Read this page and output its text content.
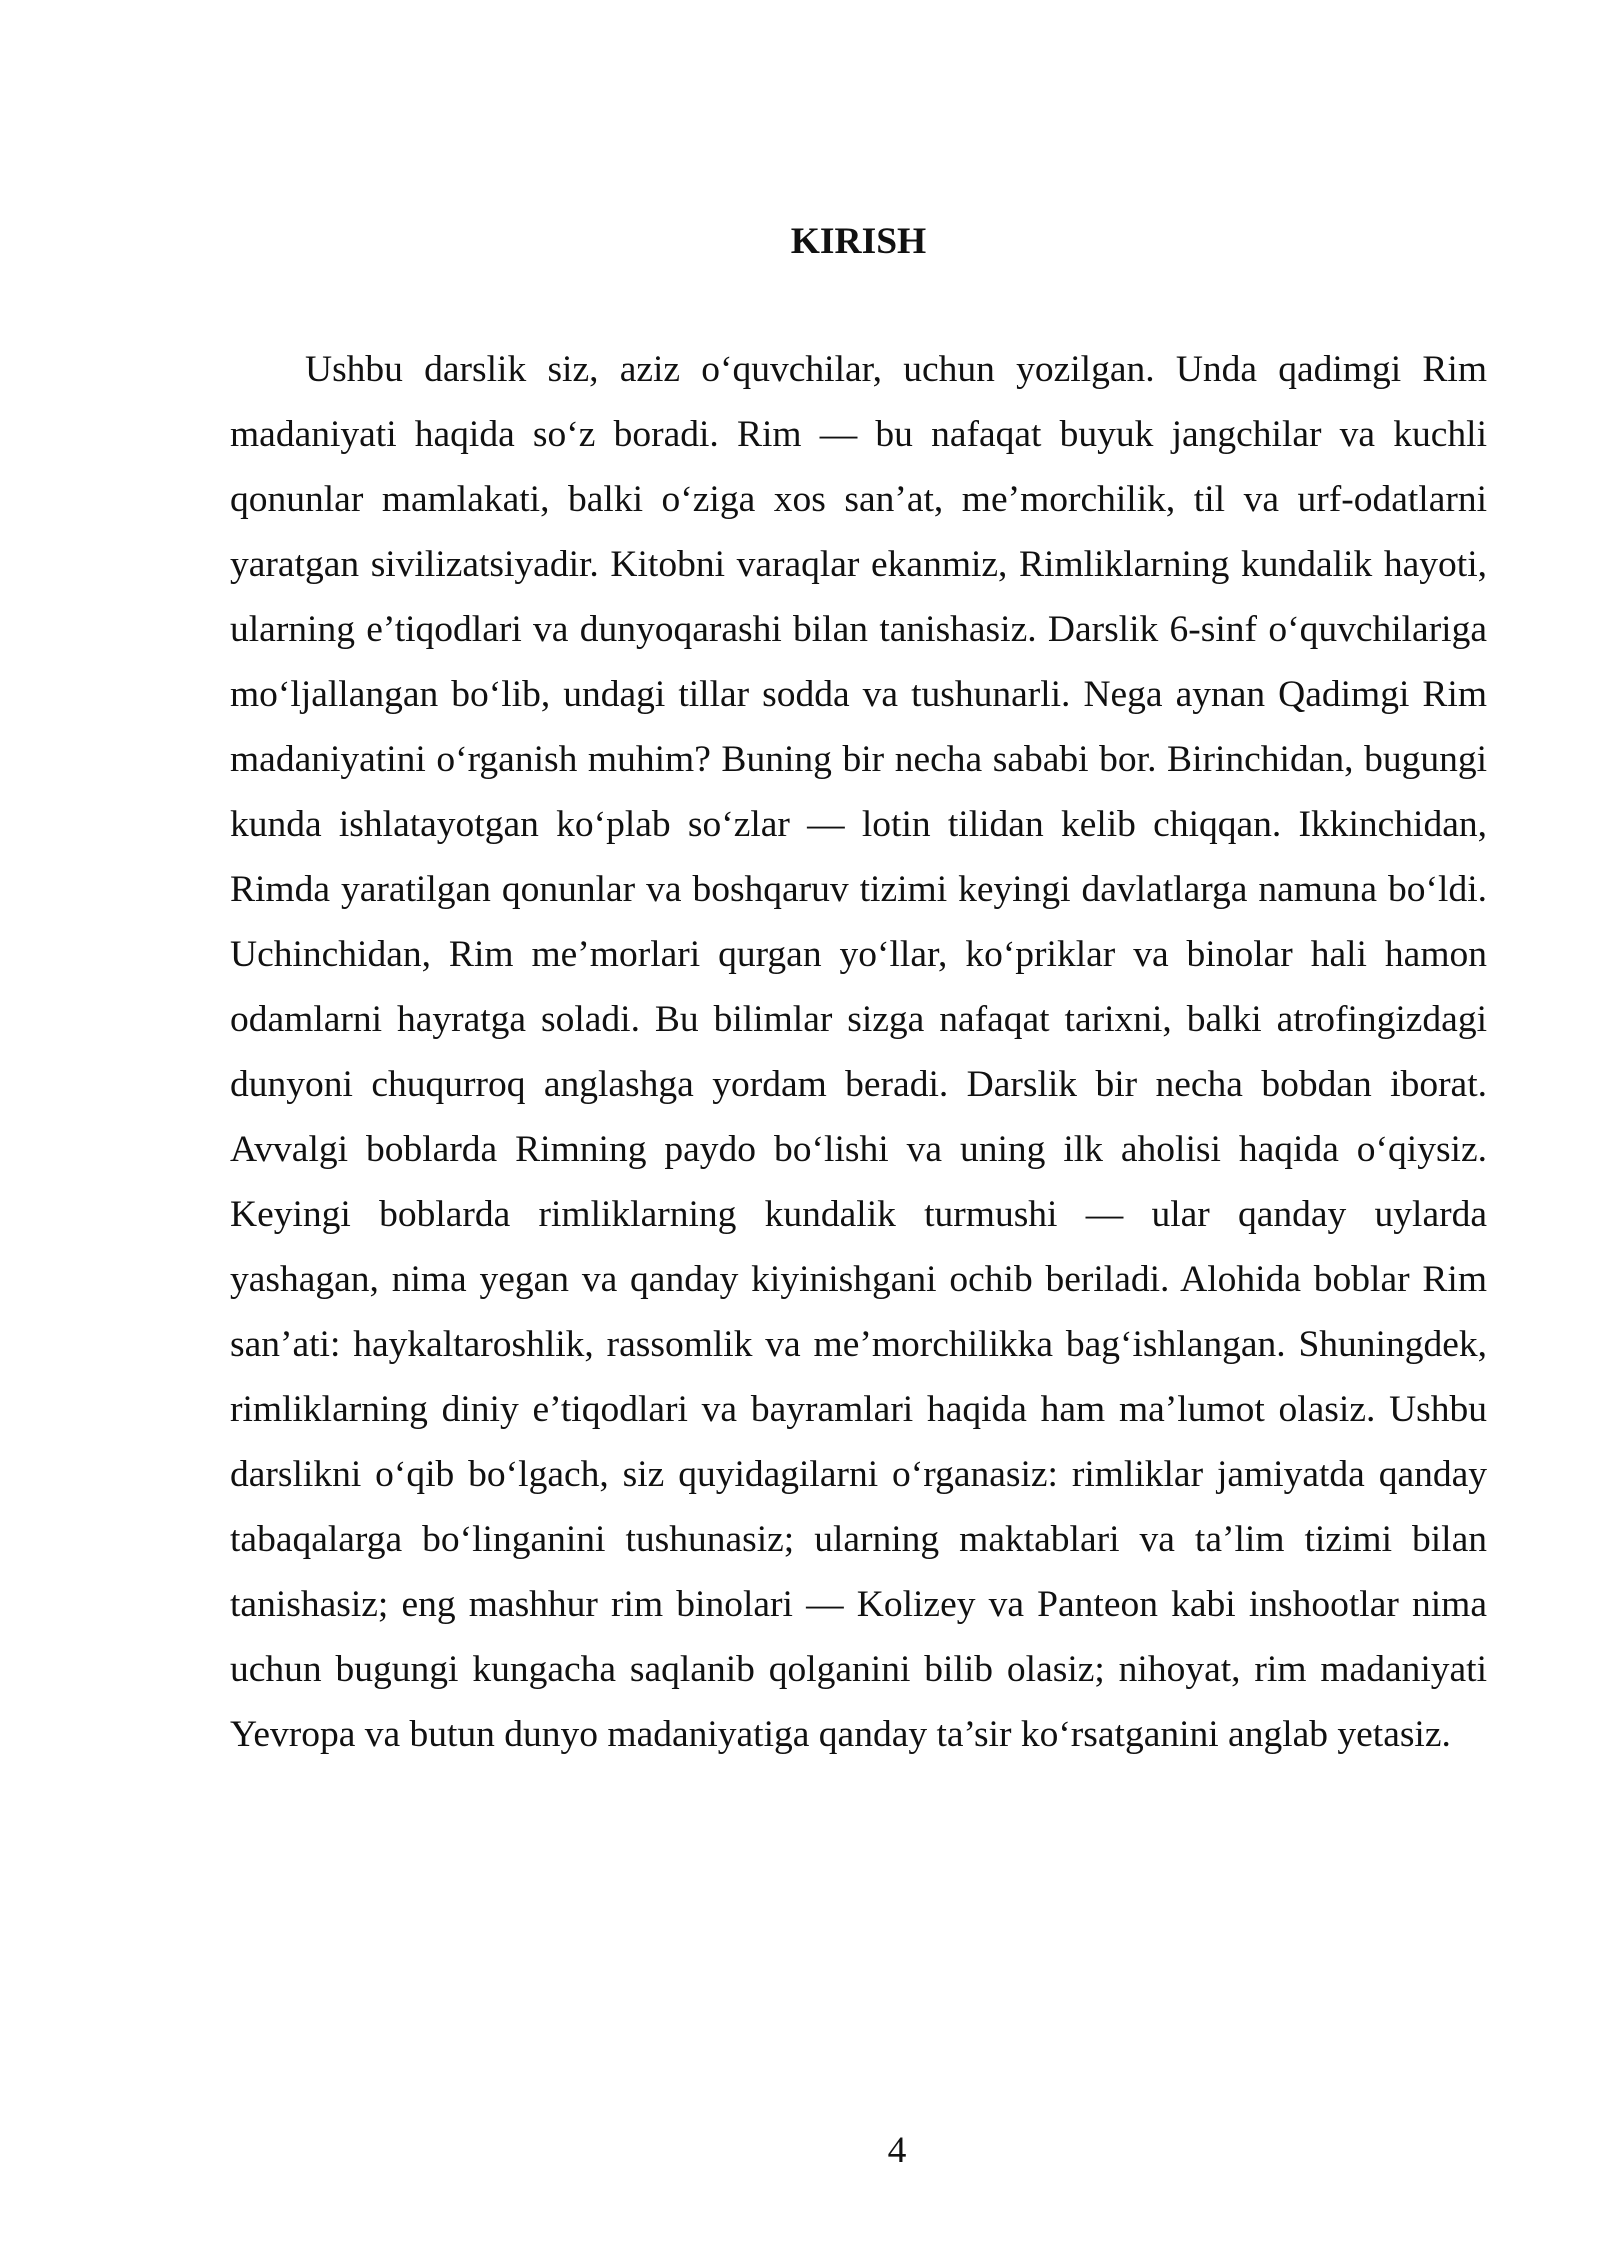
KIRISH
Ushbu darslik siz, aziz o‘quvchilar, uchun yozilgan. Unda qadimgi Rim
madaniyati haqida so‘z boradi. Rim — bu nafaqat buyuk jangchilar va kuchli
qonunlar mamlakati, balki o‘ziga xos san’at, me’morchilik, til va urf-odatlarni
yaratgan sivilizatsiyadir. Kitobni varaqlar ekanmiz, Rimliklarning kundalik hayoti,
ularning e’tiqodlari va dunyoqarashi bilan tanishasiz. Darslik 6-sinf o‘quvchilariga
mo‘ljallangan bo‘lib, undagi tillar sodda va tushunarli. Nega aynan Qadimgi Rim
madaniyatini o‘rganish muhim? Buning bir necha sababi bor. Birinchidan, bugungi
kunda ishlatayotgan ko‘plab so‘zlar — lotin tilidan kelib chiqqan. Ikkinchidan,
Rimda yaratilgan qonunlar va boshqaruv tizimi keyingi davlatlarga namuna bo‘ldi.
Uchinchidan, Rim me’morlari qurgan yo‘llar, ko‘priklar va binolar hali hamon
odamlarni hayratga soladi. Bu bilimlar sizga nafaqat tarixni, balki atrofingizdagi
dunyoni chuqurroq anglashga yordam beradi. Darslik bir necha bobdan iborat.
Avvalgi boblarda Rimning paydo bo‘lishi va uning ilk aholisi haqida o‘qiysiz.
Keyingi boblarda rimliklarning kundalik turmushi — ular qanday uylarda
yashagan, nima yegan va qanday kiyinishgani ochib beriladi. Alohida boblar Rim
san’ati: haykaltaroshlik, rassomlik va me’morchilikka bag‘ishlangan. Shuningdek,
rimliklarning diniy e’tiqodlari va bayramlari haqida ham ma’lumot olasiz. Ushbu
darslikni o‘qib bo‘lgach, siz quyidagilarni o‘rganasiz: rimliklar jamiyatda qanday
tabaqalarga bo‘linganini tushunasiz; ularning maktablari va ta’lim tizimi bilan
tanishasiz; eng mashhur rim binolari — Kolizey va Panteon kabi inshootlar nima
uchun bugungi kungacha saqlanib qolganini bilib olasiz; nihoyat, rim madaniyati
Yevropa va butun dunyo madaniyatiga qanday ta’sir ko‘rsatganini anglab yetasiz.
4
